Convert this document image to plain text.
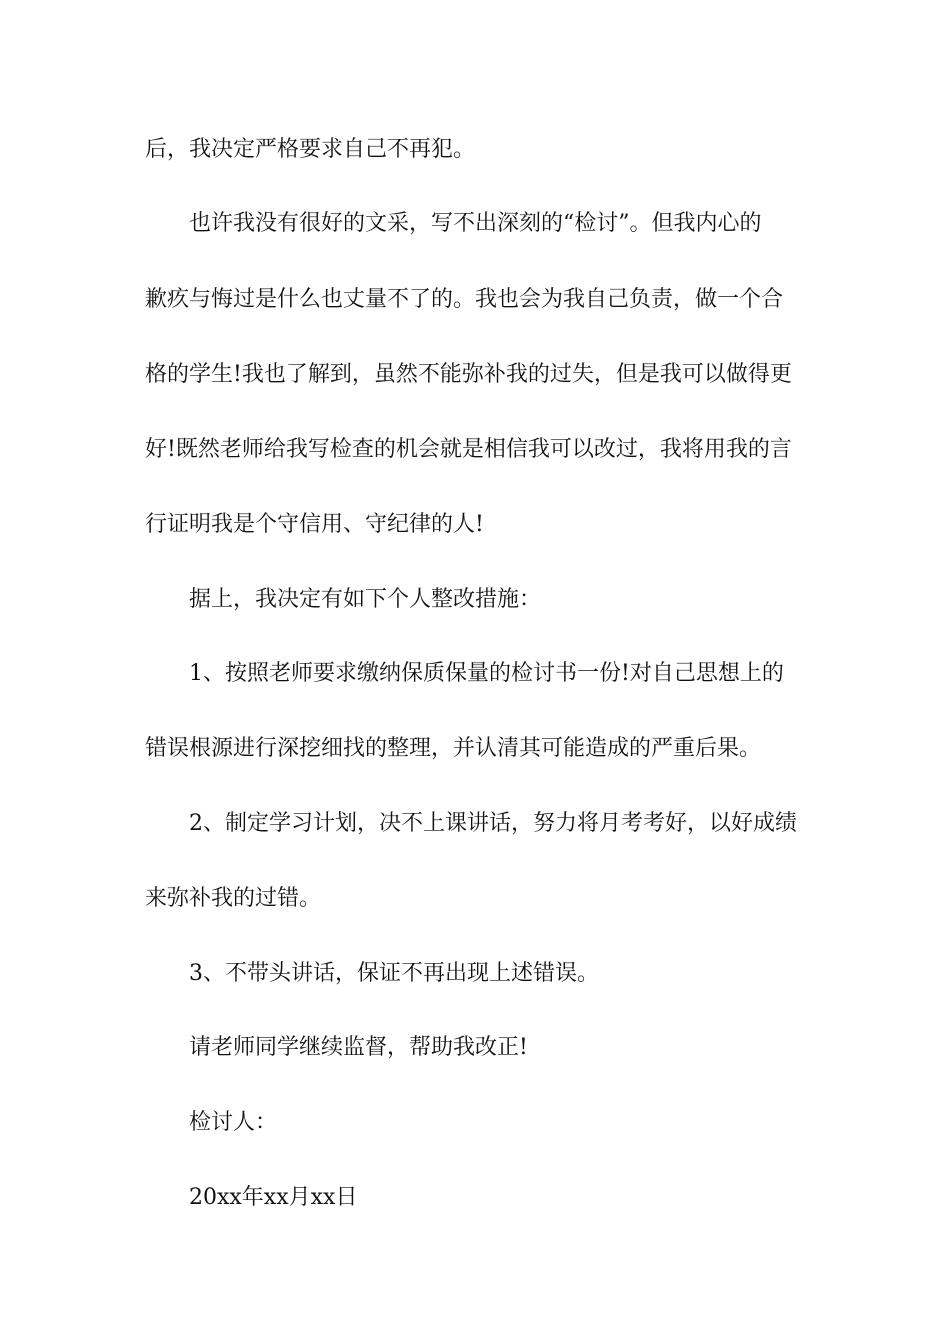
后，我决定严格要求自己不再犯。

也许我没有很好的文采，写不出深刻的“检讨”。但我内心的

歉疚与悔过是什么也丈量不了的。我也会为我自己负责，做一个合

格的学生!我也了解到，虽然不能弥补我的过失，但是我可以做得更

好!既然老师给我写检查的机会就是相信我可以改过，我将用我的言

行证明我是个守信用、守纪律的人!

据上，我决定有如下个人整改措施：

1、按照老师要求缴纳保质保量的检讨书一份!对自己思想上的

错误根源进行深挖细找的整理，并认清其可能造成的严重后果。

2、制定学习计划，决不上课讲话，努力将月考考好，以好成绩

来弥补我的过错。

3、不带头讲话，保证不再出现上述错误。

请老师同学继续监督，帮助我改正!

检讨人：

20xx年xx月xx日
